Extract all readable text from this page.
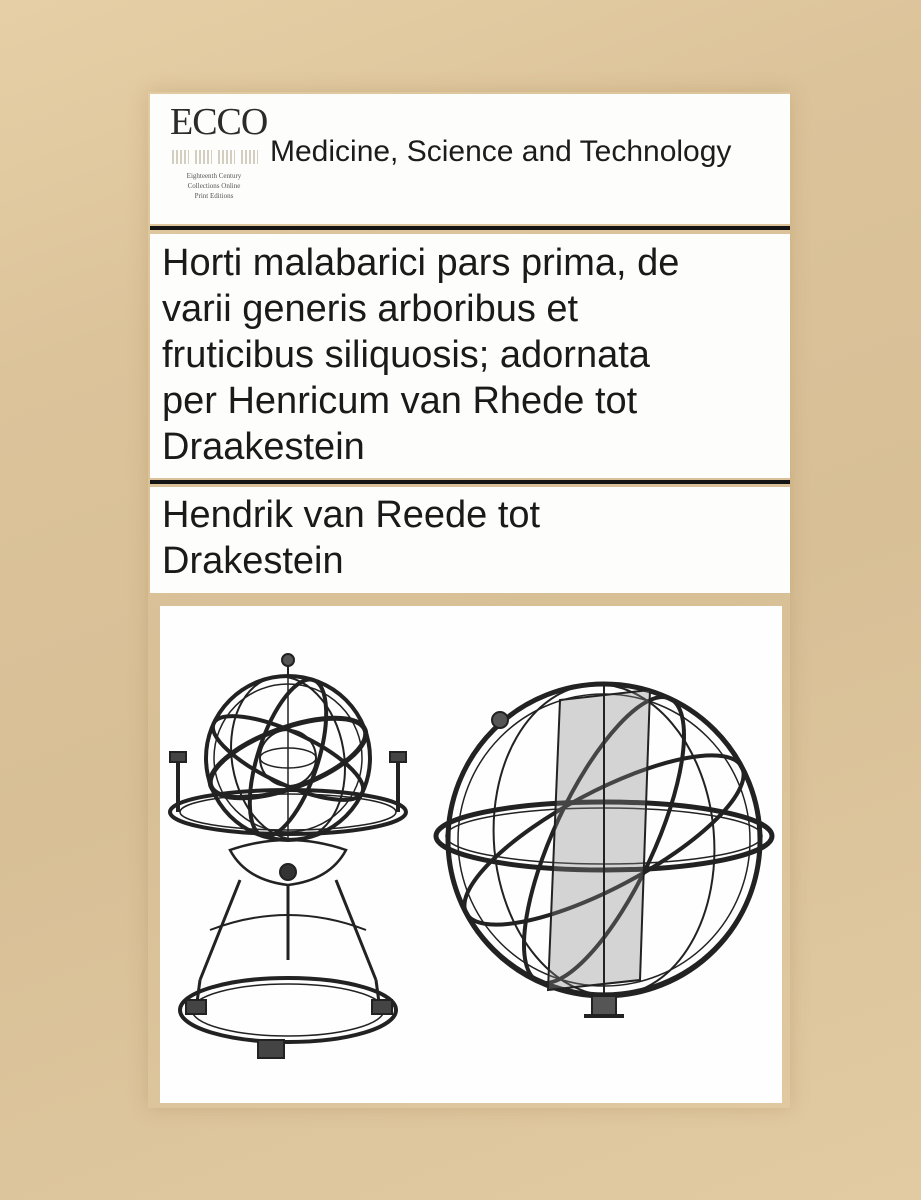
ECCO
Eighteenth Century
Collections Online
Print Editions
Medicine, Science and Technology
Horti malabarici pars prima, de
varii generis arboribus et
fruticibus siliquosis; adornata
per Henricum van Rhede tot
Draakestein
Hendrik van Reede tot
Drakestein
